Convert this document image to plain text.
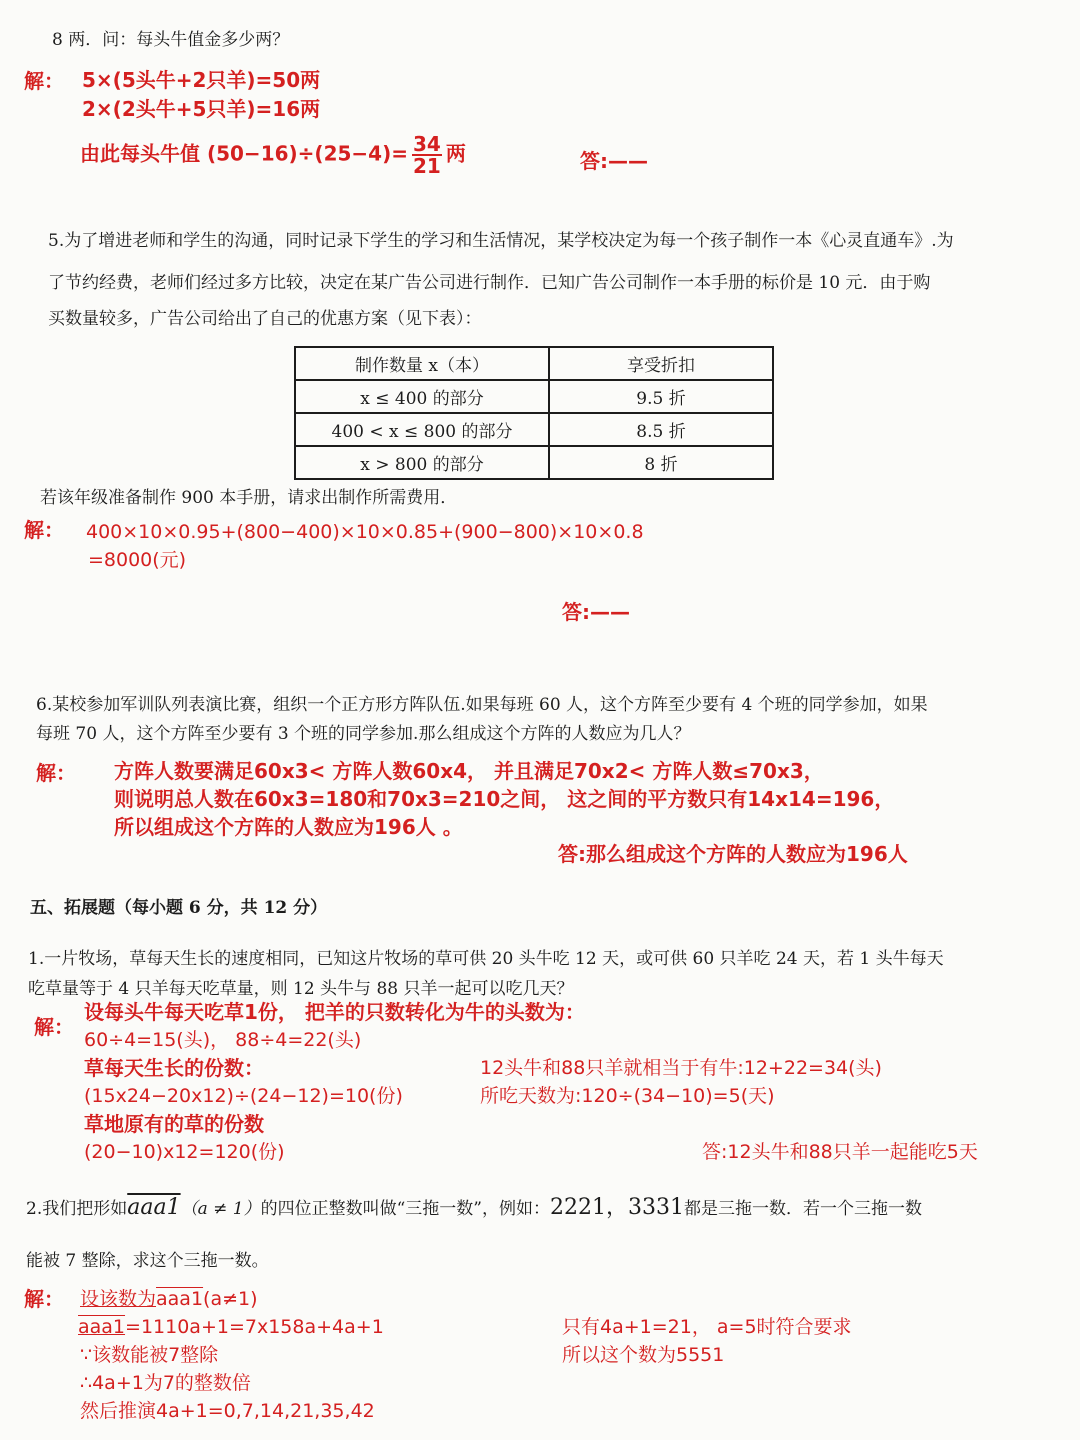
8 两．问：每头牛值金多少两？
解： 5×(5头牛+2只羊)=50两
2×(2头牛+5只羊)=16两
由此每头牛值 $(50-16)\div(25-4)= \frac{34}{21}$ 两	答:——
5.为了增进老师和学生的沟通，同时记录下学生的学习和生活情况，某学校决定为每一个孩子制作一本《心灵直通车》.为
了节约经费，老师们经过多方比较，决定在某广告公司进行制作．已知广告公司制作一本手册的标价是 10 元．由于购
买数量较多，广告公司给出了自己的优惠方案（见下表）：
制作数量 x（本）	享受折扣
x ≤ 400 的部分	9.5 折
400 < x ≤ 800 的部分	8.5 折
x > 800 的部分	8 折
若该年级准备制作 900 本手册，请求出制作所需费用．
解： 400×10×0.95+(800−400)×10×0.85+(900−800)×10×0.8
=8000(元)
答:——
6.某校参加军训队列表演比赛，组织一个正方形方阵队伍.如果每班 60 人，这个方阵至少要有 4 个班的同学参加，如果
每班 70 人，这个方阵至少要有 3 个班的同学参加.那么组成这个方阵的人数应为几人？
解： 方阵人数要满足60x3< 方阵人数60x4， 并且满足70x2< 方阵人数≤70x3，
则说明总人数在60x3=180和70x3=210之间， 这之间的平方数只有14x14=196，
所以组成这个方阵的人数应为196人 。
答:那么组成这个方阵的人数应为196人
五、拓展题（每小题 6 分，共 12 分）
1.一片牧场，草每天生长的速度相同，已知这片牧场的草可供 20 头牛吃 12 天，或可供 60 只羊吃 24 天，若 1 头牛每天
吃草量等于 4 只羊每天吃草量，则 12 头牛与 88 只羊一起可以吃几天？
解：
设每头牛每天吃草1份， 把羊的只数转化为牛的头数为：
60÷4=15(头)， 88÷4=22(头)
草每天生长的份数：
(15x24−20x12)÷(24−12)=10(份)
草地原有的草的份数
(20−10)x12=120(份)
12头牛和88只羊就相当于有牛:12+22=34(头)
所吃天数为:120÷(34−10)=5(天)
答:12头牛和88只羊一起能吃5天
2.我们把形如aaa1（a ≠ 1）的四位正整数叫做“三拖一数”，例如：2221，3331都是三拖一数．若一个三拖一数
能被 7 整除，求这个三拖一数。
解： 设该数为aaa1(a≠1)
aaa1=1110a+1=7x158a+4a+1
∵该数能被7整除
∴4a+1为7的整数倍
然后推演4a+1=0,7,14,21,35,42
只有4a+1=21， a=5时符合要求
所以这个数为5551
